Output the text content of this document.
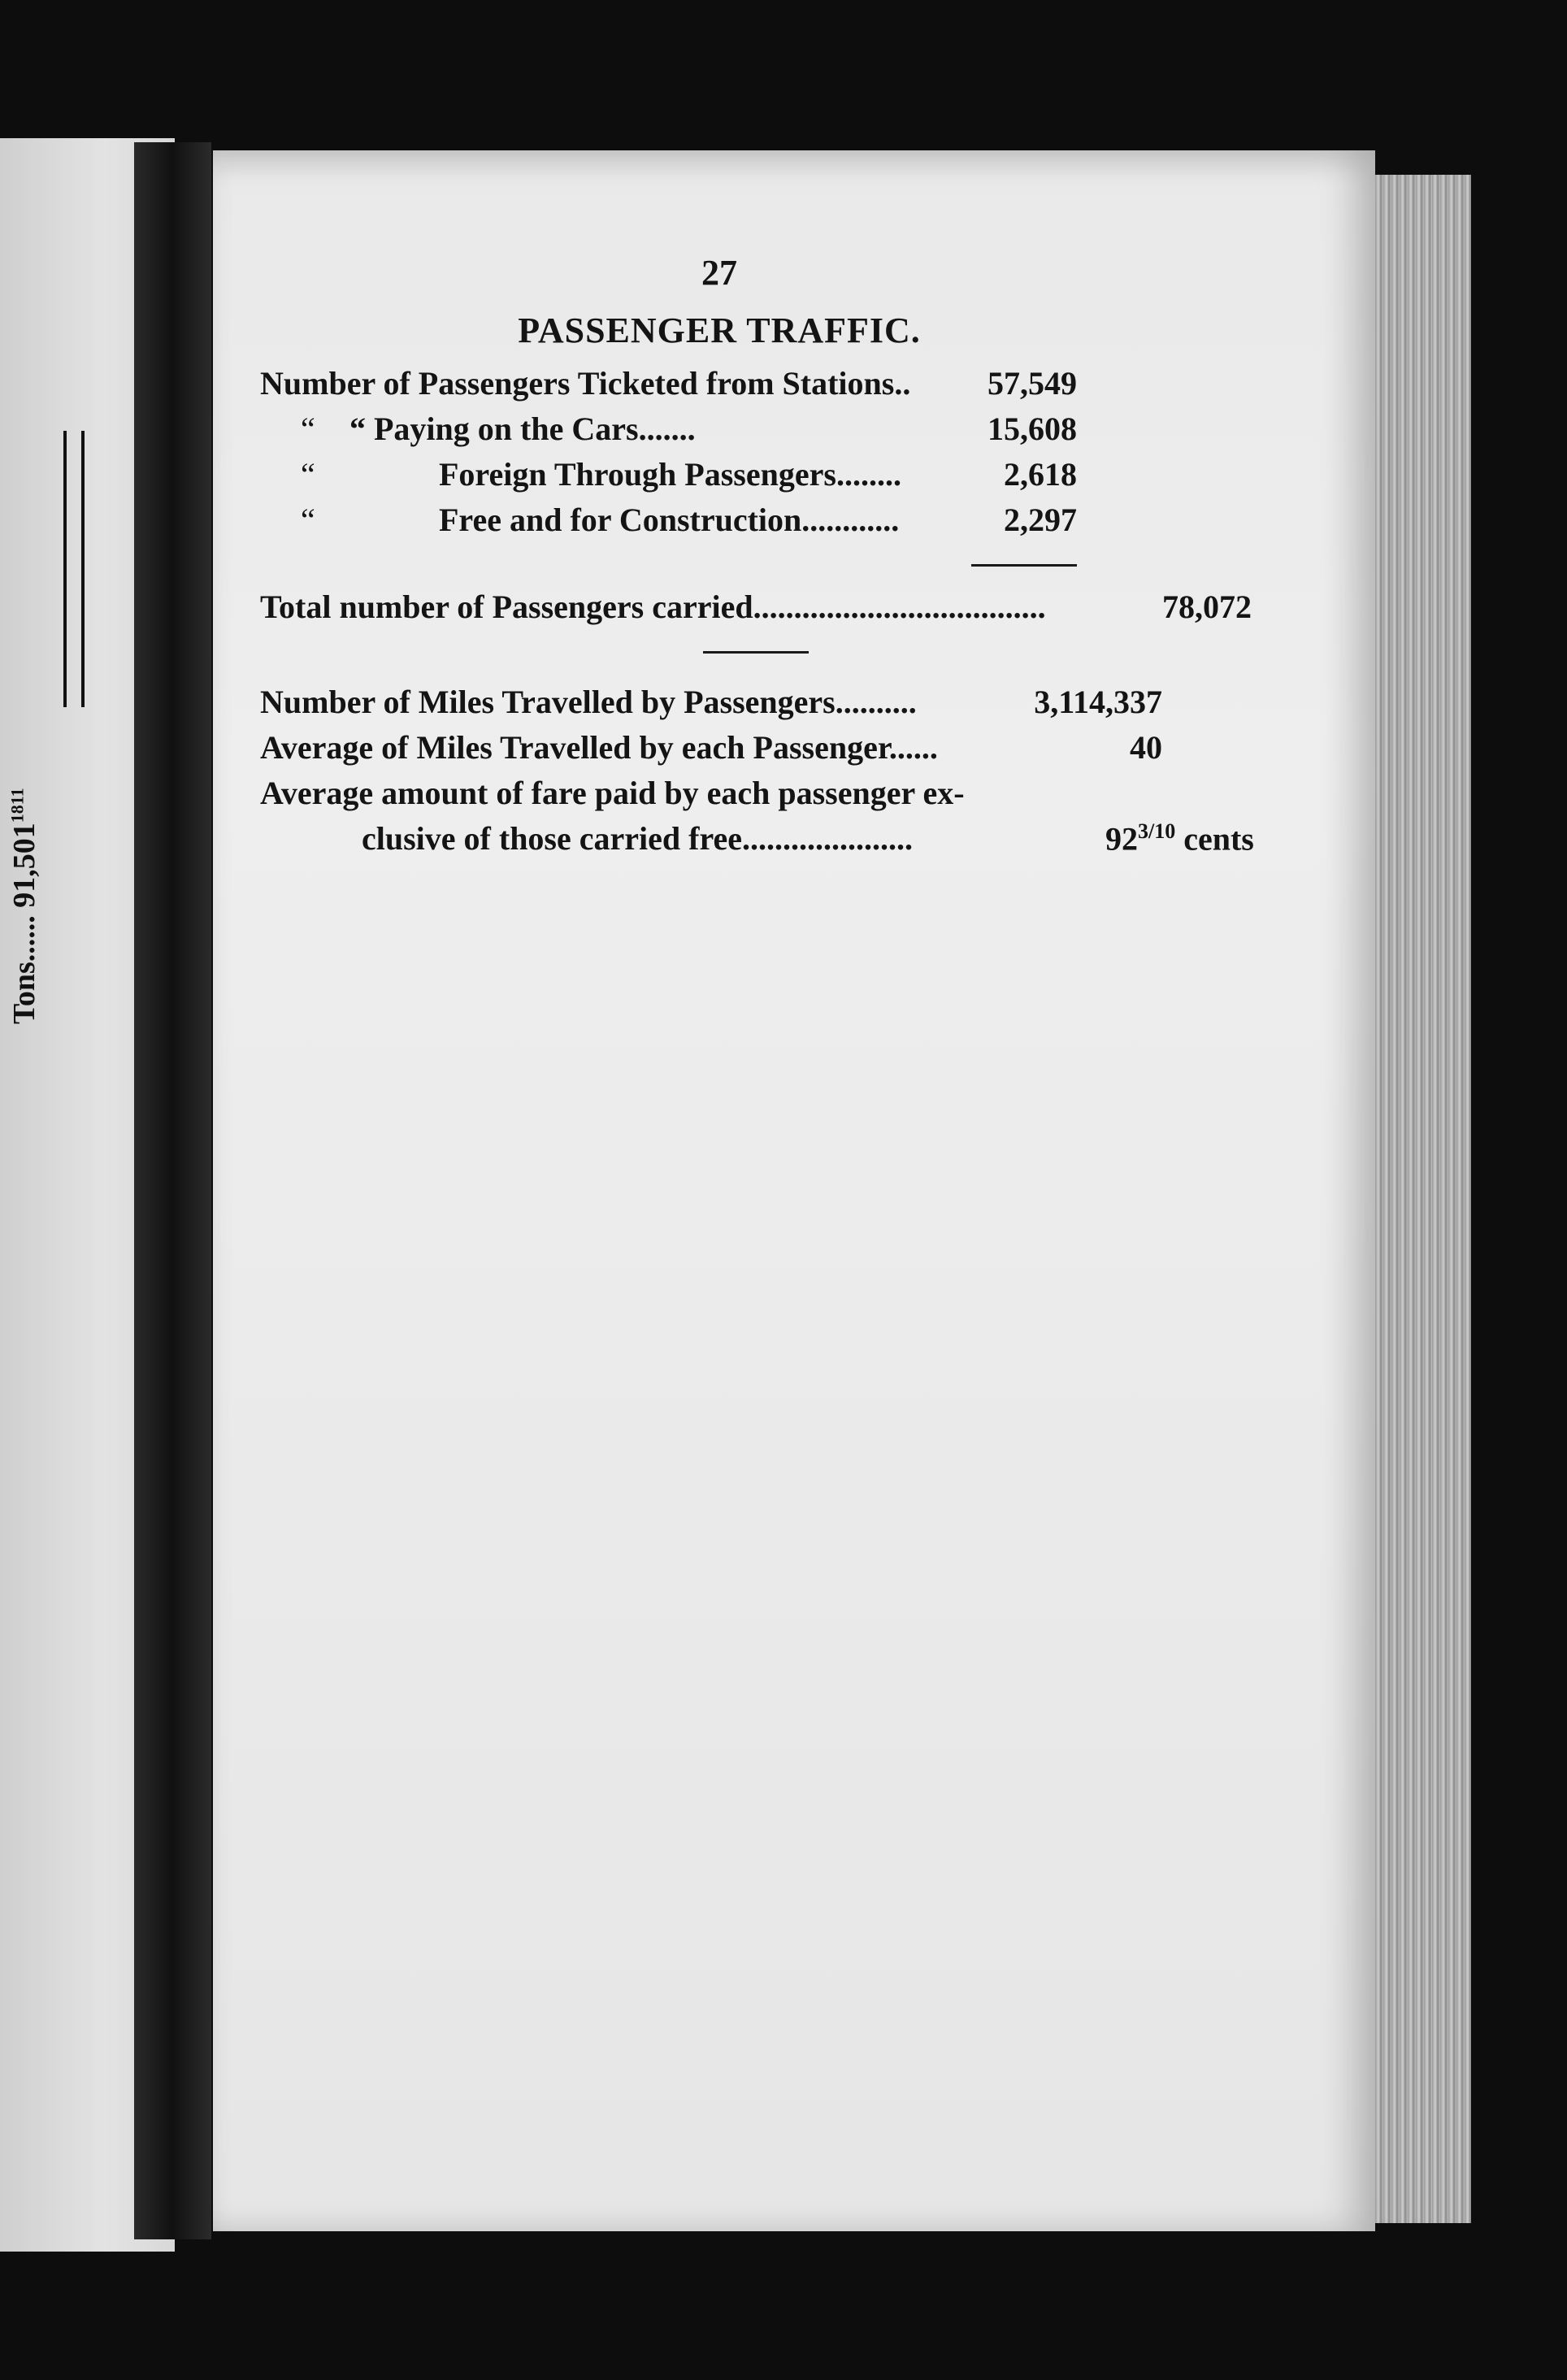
Tons...... $91,501^{1811}$
27
PASSENGER TRAFFIC.
Number of Passengers Ticketed from Stations..	57,549
“	“ Paying on the Cars.......	15,608
“	Foreign Through Passengers........	2,618
“	Free and for Construction............	2,297
Total number of Passengers carried....................................	78,072
Number of Miles Travelled by Passengers..........	3,114,337
Average of Miles Travelled by each Passenger......	40
Average amount of fare paid by each passenger ex-
clusive of those carried free.....................	$92^{3/10}$ cents
